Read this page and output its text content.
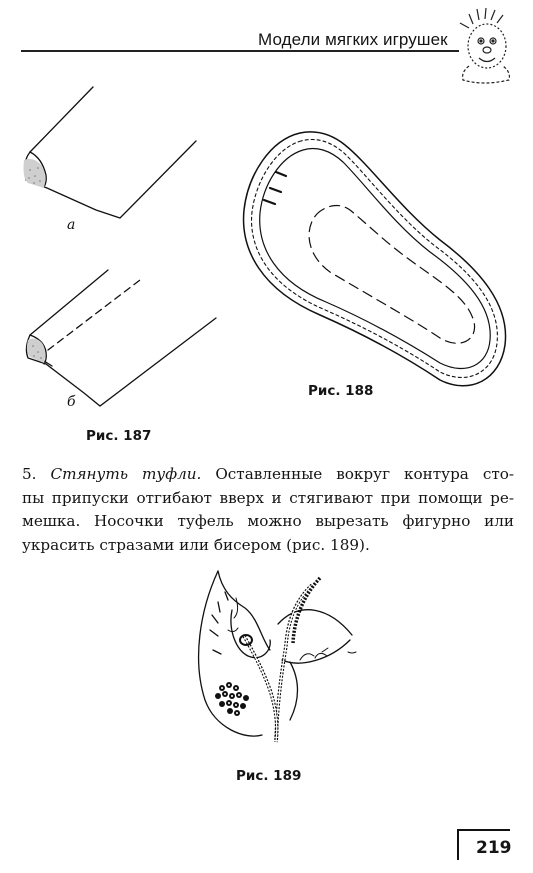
Модели мягких игрушек
а
б
Рис. 187
Рис. 188
5. Стянуть туфли. Оставленные вокруг контура сто-
пы припуски отгибают вверх и стягивают при помощи ре-
мешка. Носочки туфель можно вырезать фигурно или
украсить стразами или бисером (рис. 189).
Рис. 189
219
